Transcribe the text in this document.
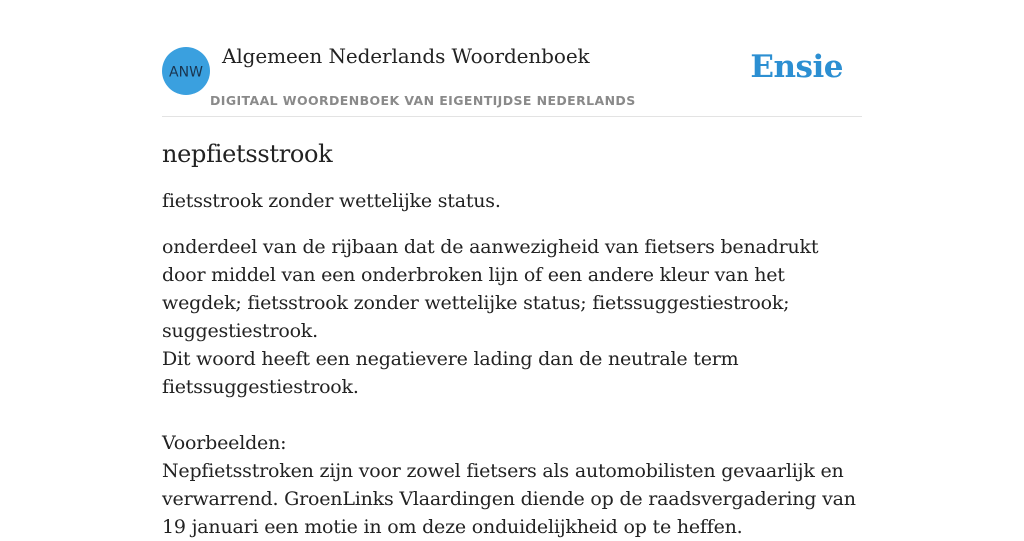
ANW
Algemeen Nederlands Woordenboek
DIGITAAL WOORDENBOEK VAN EIGENTIJDSE NEDERLANDS
Ensie
nepfietsstrook

fietsstrook zonder wettelijke status.

onderdeel van de rijbaan dat de aanwezigheid van fietsers benadrukt door middel van een onderbroken lijn of een andere kleur van het wegdek; fietsstrook zonder wettelijke status; fietssuggestiestrook; suggestiestrook.
Dit woord heeft een negatievere lading dan de neutrale term fietssuggestiestrook.
Voorbeelden:
Nepfietsstroken zijn voor zowel fietsers als automobilisten gevaarlijk en verwarrend. GroenLinks Vlaardingen diende op de raadsvergadering van 19 januari een motie in om deze onduidelijkheid op te heffen.
